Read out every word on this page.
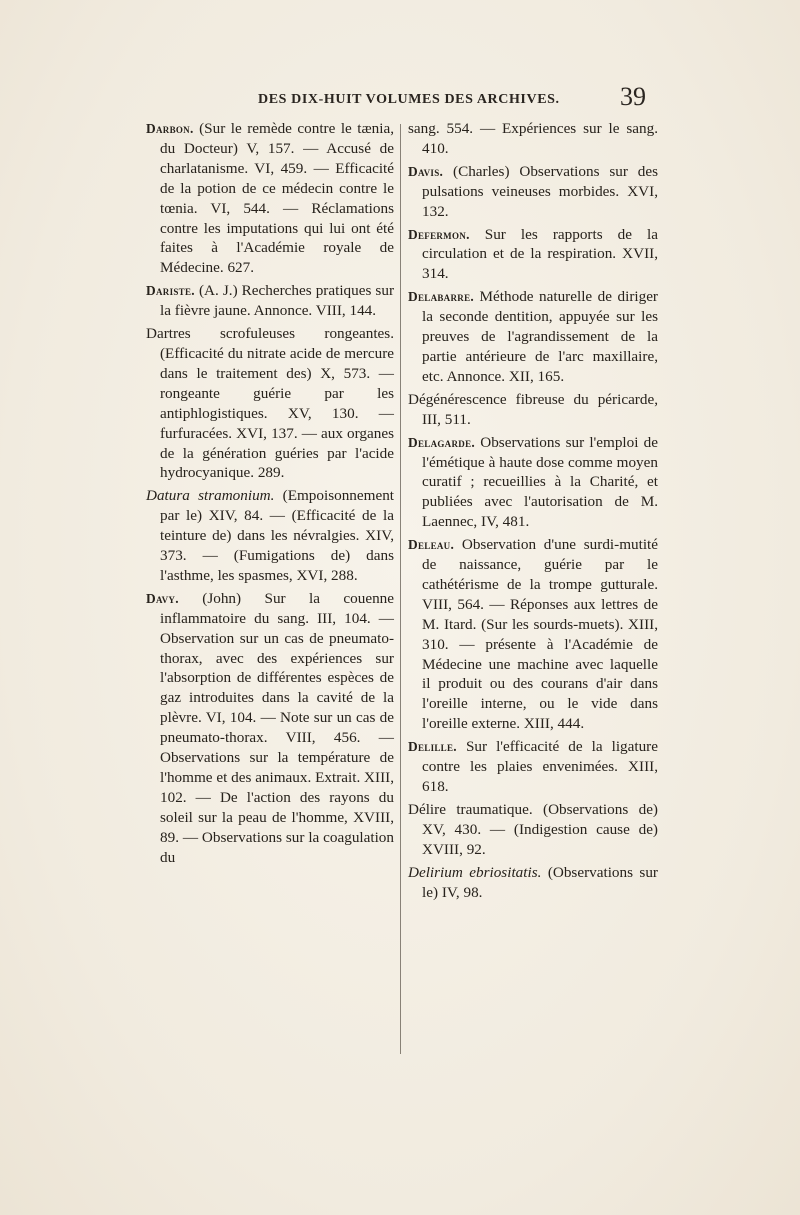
DES DIX-HUIT VOLUMES DES ARCHIVES. 39

Darbon. (Sur le remède contre le tænia, du Docteur) V, 157. — Accusé de charlatanisme. VI, 459. — Efficacité de la potion de ce médecin contre le tœnia. VI, 544. — Réclamations contre les imputations qui lui ont été faites à l'Académie royale de Médecine. 627.

Dariste. (A. J.) Recherches pratiques sur la fièvre jaune. Annonce. VIII, 144.

Dartres scrofuleuses rongeantes. (Efficacité du nitrate acide de mercure dans le traitement des) X, 573. — rongeante guérie par les antiphlogistiques. XV, 130. — furfuracées. XVI, 137. — aux organes de la génération guéries par l'acide hydrocyanique. 289.

Datura stramonium. (Empoisonnement par le) XIV, 84. — (Efficacité de la teinture de) dans les névralgies. XIV, 373. — (Fumigations de) dans l'asthme, les spasmes, XVI, 288.

Davy. (John) Sur la couenne inflammatoire du sang. III, 104. — Observation sur un cas de pneumato-thorax, avec des expériences sur l'absorption de différentes espèces de gaz introduites dans la cavité de la plèvre. VI, 104. — Note sur un cas de pneumato-thorax. VIII, 456. — Observations sur la température de l'homme et des animaux. Extrait. XIII, 102. — De l'action des rayons du soleil sur la peau de l'homme, XVIII, 89. — Observations sur la coagulation du

sang. 554. — Expériences sur le sang. 410.

Davis. (Charles) Observations sur des pulsations veineuses morbides. XVI, 132.

Defermon. Sur les rapports de la circulation et de la respiration. XVII, 314.

Delabarre. Méthode naturelle de diriger la seconde dentition, appuyée sur les preuves de l'agrandissement de la partie antérieure de l'arc maxillaire, etc. Annonce. XII, 165.

Dégénérescence fibreuse du péricarde, III, 511.

Delagarde. Observations sur l'emploi de l'émétique à haute dose comme moyen curatif ; recueillies à la Charité, et publiées avec l'autorisation de M. Laennec, IV, 481.

Deleau. Observation d'une surdi-mutité de naissance, guérie par le cathétérisme de la trompe gutturale. VIII, 564. — Réponses aux lettres de M. Itard. (Sur les sourds-muets). XIII, 310. — présente à l'Académie de Médecine une machine avec laquelle il produit ou des courans d'air dans l'oreille interne, ou le vide dans l'oreille externe. XIII, 444.

Delille. Sur l'efficacité de la ligature contre les plaies envenimées. XIII, 618.

Délire traumatique. (Observations de) XV, 430. — (Indigestion cause de) XVIII, 92.

Delirium ebriositatis. (Observations sur le) IV, 98.
